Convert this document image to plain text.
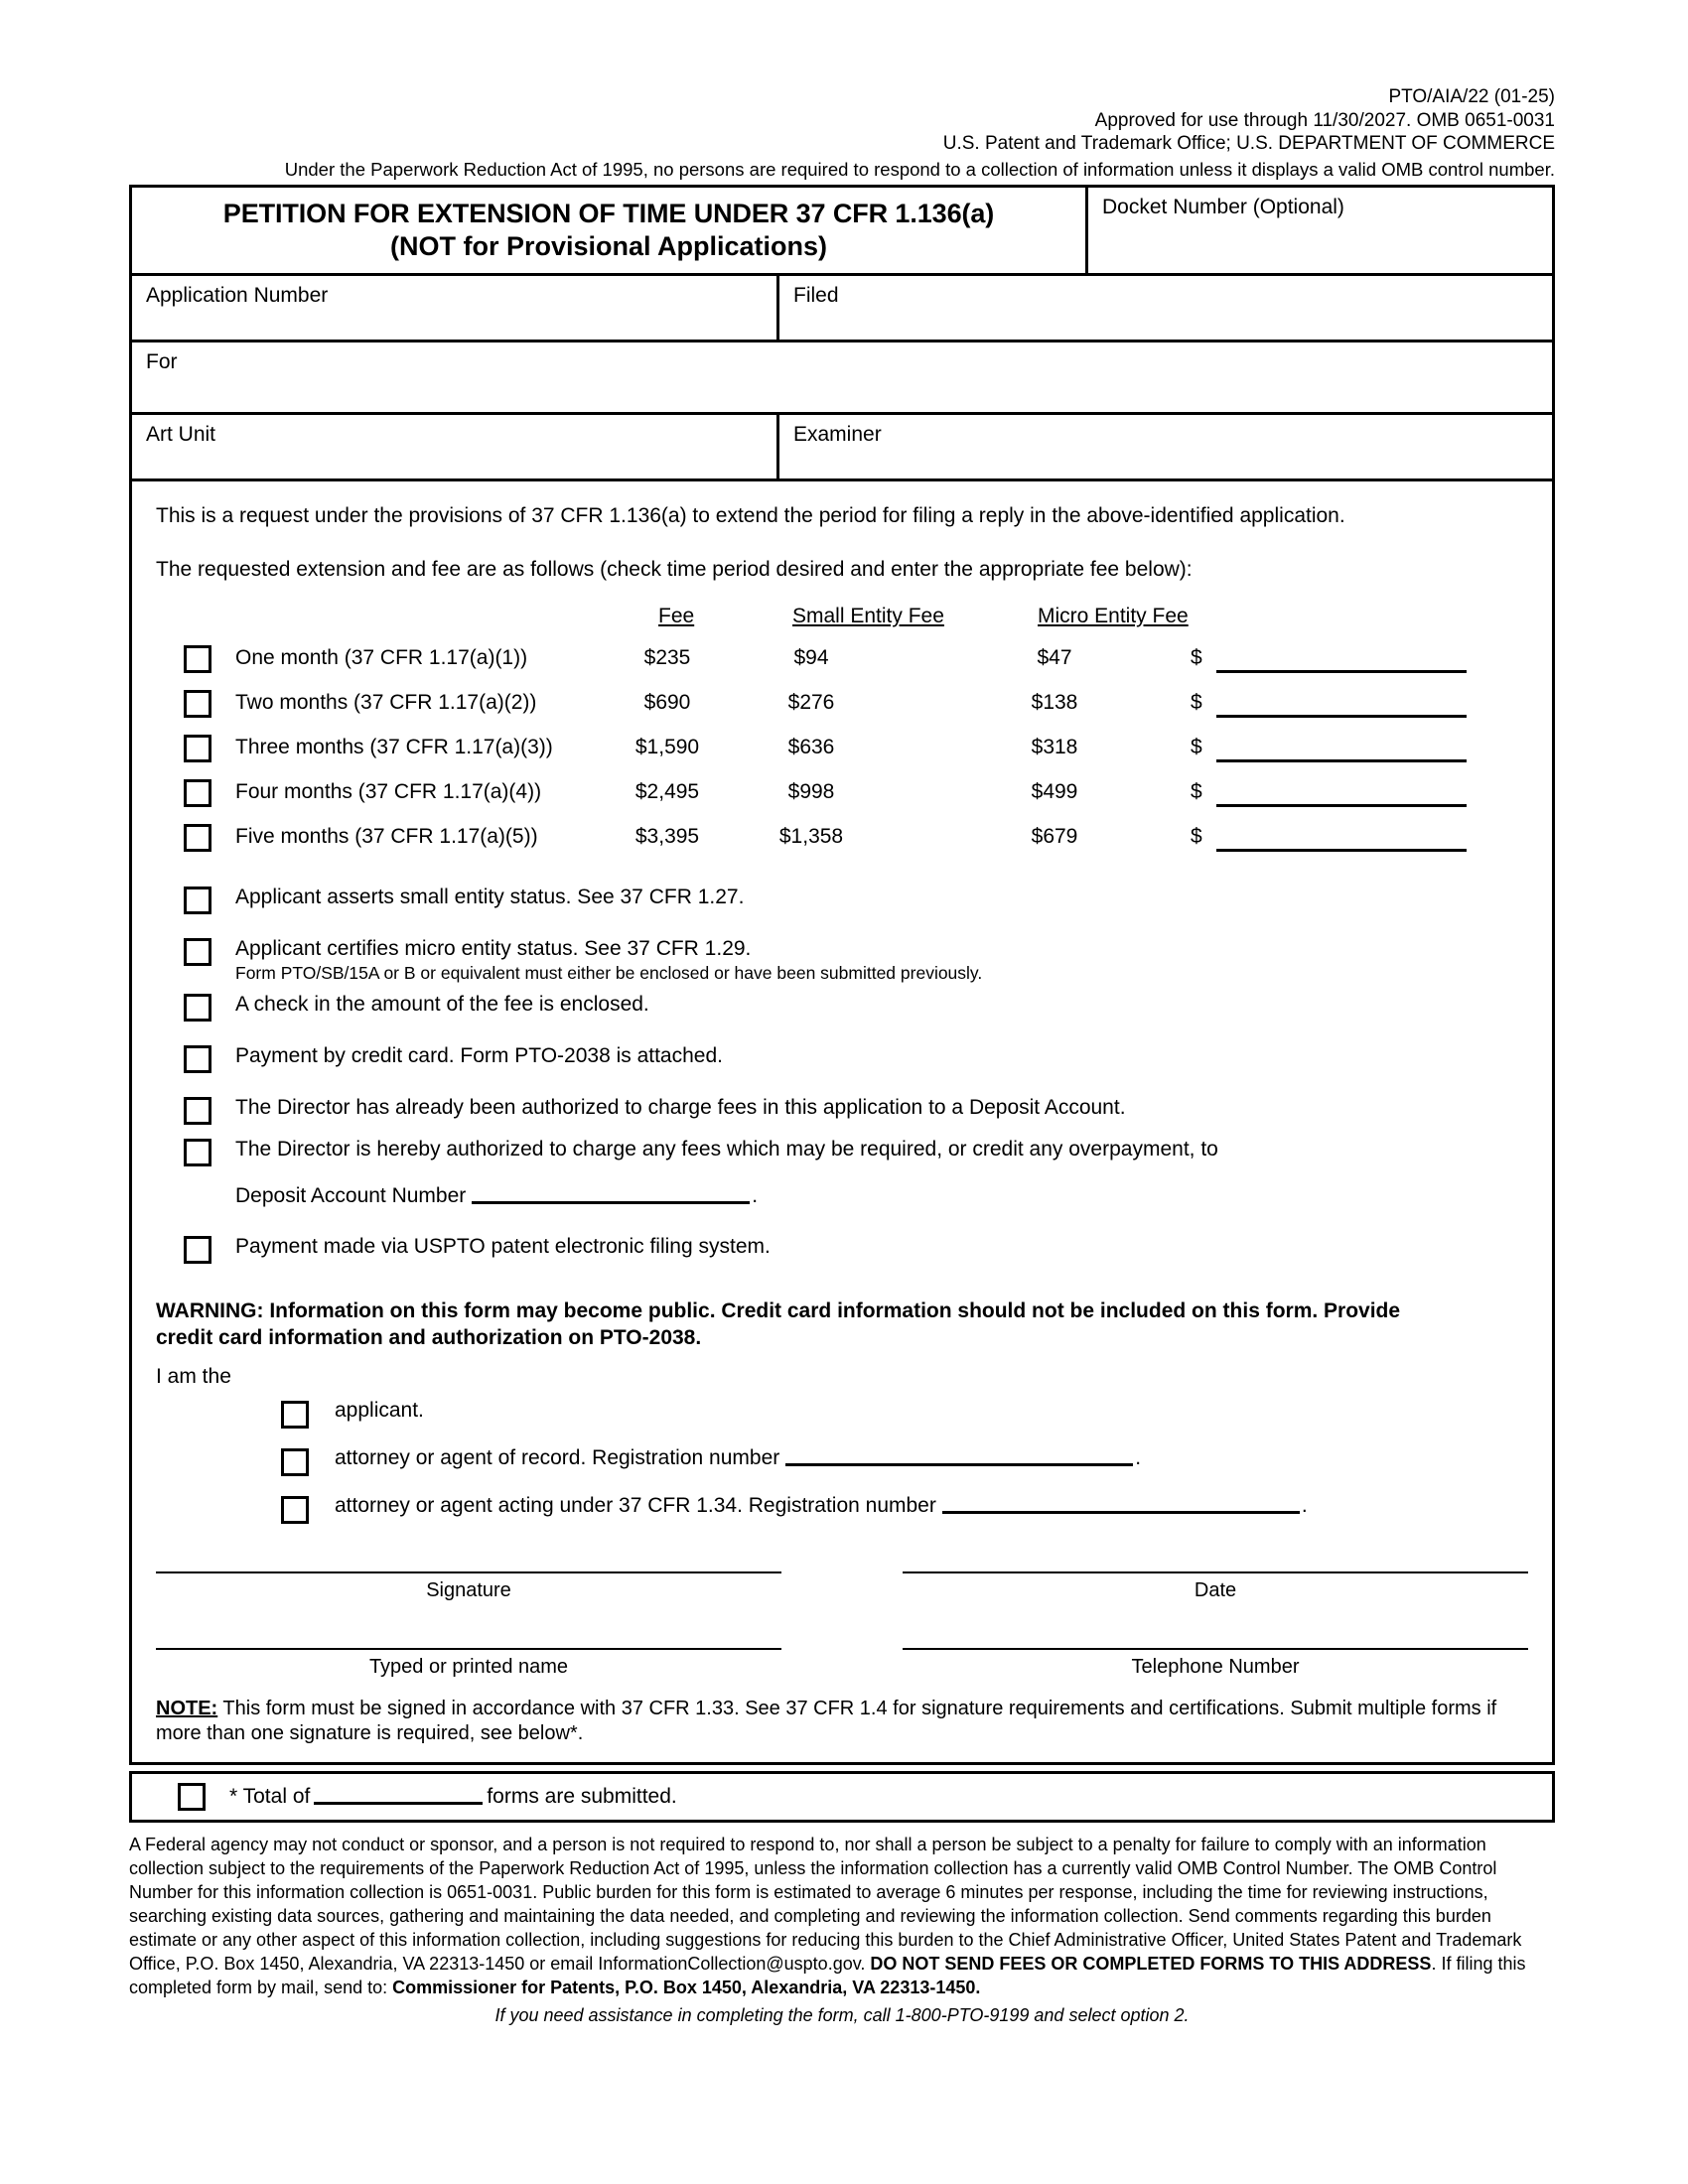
PTO/AIA/22 (01-25)
Approved for use through 11/30/2027. OMB 0651-0031
U.S. Patent and Trademark Office; U.S. DEPARTMENT OF COMMERCE
Under the Paperwork Reduction Act of 1995, no persons are required to respond to a collection of information unless it displays a valid OMB control number.
PETITION FOR EXTENSION OF TIME UNDER 37 CFR 1.136(a)
(NOT for Provisional Applications)
Docket Number (Optional)
Application Number	Filed
For
Art Unit	Examiner

This is a request under the provisions of 37 CFR 1.136(a) to extend the period for filing a reply in the above-identified application.

The requested extension and fee are as follows (check time period desired and enter the appropriate fee below):

Fee	Small Entity Fee	Micro Entity Fee
One month (37 CFR 1.17(a)(1))	$235	$94	$47	$
Two months (37 CFR 1.17(a)(2))	$690	$276	$138	$
Three months (37 CFR 1.17(a)(3))	$1,590	$636	$318	$
Four months (37 CFR 1.17(a)(4))	$2,495	$998	$499	$
Five months (37 CFR 1.17(a)(5))	$3,395	$1,358	$679	$
Applicant asserts small entity status. See 37 CFR 1.27.
Applicant certifies micro entity status. See 37 CFR 1.29.
Form PTO/SB/15A or B or equivalent must either be enclosed or have been submitted previously.
A check in the amount of the fee is enclosed.
Payment by credit card. Form PTO-2038 is attached.
The Director has already been authorized to charge fees in this application to a Deposit Account.
The Director is hereby authorized to charge any fees which may be required, or credit any overpayment, to
Deposit Account Number	.
Payment made via USPTO patent electronic filing system.
WARNING: Information on this form may become public. Credit card information should not be included on this form. Provide
credit card information and authorization on PTO-2038.
I am the
applicant.
attorney or agent of record. Registration number	.
attorney or agent acting under 37 CFR 1.34. Registration number	.
Signature	Date
Typed or printed name	Telephone Number
NOTE: This form must be signed in accordance with 37 CFR 1.33. See 37 CFR 1.4 for signature requirements and certifications. Submit multiple forms if more than one signature is required, see below*.
* Total of	forms are submitted.

A Federal agency may not conduct or sponsor, and a person is not required to respond to, nor shall a person be subject to a penalty for failure to comply with an information collection subject to the requirements of the Paperwork Reduction Act of 1995, unless the information collection has a currently valid OMB Control Number. The OMB Control Number for this information collection is 0651-0031. Public burden for this form is estimated to average 6 minutes per response, including the time for reviewing instructions, searching existing data sources, gathering and maintaining the data needed, and completing and reviewing the information collection. Send comments regarding this burden estimate or any other aspect of this information collection, including suggestions for reducing this burden to the Chief Administrative Officer, United States Patent and Trademark Office, P.O. Box 1450, Alexandria, VA 22313-1450 or email InformationCollection@uspto.gov. DO NOT SEND FEES OR COMPLETED FORMS TO THIS ADDRESS. If filing this completed form by mail, send to: Commissioner for Patents, P.O. Box 1450, Alexandria, VA 22313-1450.

If you need assistance in completing the form, call 1-800-PTO-9199 and select option 2.
